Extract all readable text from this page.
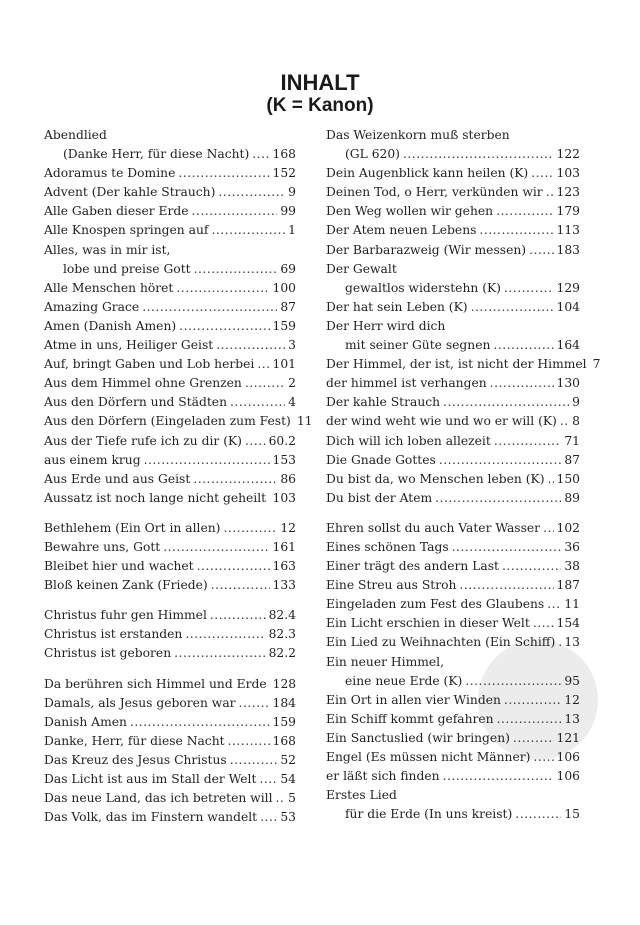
INHALT
(K = Kanon)
Abendlied
(Danke Herr, für diese Nacht) ..... 168
Adoramus te Domine .....	152
Advent (Der kahle Strauch) .....	9
Alle Gaben dieser Erde .....	99
Alle Knospen springen auf .....	1
Alles, was in mir ist,
lobe und preise Gott .....	69
Alle Menschen höret .....	100
Amazing Grace .....	87
Amen (Danish Amen) .....	159
Atme in uns, Heiliger Geist .....	3
Auf, bringt Gaben und Lob herbei ..... 101
Aus dem Himmel ohne Grenzen .....	2
Aus den Dörfern und Städten .....	4
Aus den Dörfern (Eingeladen zum Fest) 11
Aus der Tiefe rufe ich zu dir (K) ..... 60.2
aus einem krug .....	153
Aus Erde und aus Geist .....	86
Aussatz ist noch lange nicht geheilt ..... 103
Bethlehem (Ein Ort in allen) .....	12
Bewahre uns, Gott .....	161
Bleibet hier und wachet .....	163
Bloß keinen Zank (Friede) .....	133
Christus fuhr gen Himmel .....	82.4
Christus ist erstanden .....	82.3
Christus ist geboren .....	82.2
Da berühren sich Himmel und Erde 128
Damals, als Jesus geboren war .....	184
Danish Amen .....	159
Danke, Herr, für diese Nacht .....	168
Das Kreuz des Jesus Christus .....	52
Das Licht ist aus im Stall der Welt ..... 54
Das neue Land, das ich betreten will ..... 5
Das Volk, das im Finstern wandelt ..... 53
Das Weizenkorn muß sterben
(GL 620) .....	122
Dein Augenblick kann heilen (K) ..... 103
Deinen Tod, o Herr, verkünden wir ..... 123
Den Weg wollen wir gehen .....	179
Der Atem neuen Lebens .....	113
Der Barbarazweig (Wir messen) ..... 183
Der Gewalt
gewaltlos widerstehn (K) .....	129
Der hat sein Leben (K) .....	104
Der Herr wird dich
mit seiner Güte segnen .....	164
Der Himmel, der ist, ist nicht der Himmel 7
der himmel ist verhangen .....	130
Der kahle Strauch .....	9
der wind weht wie und wo er will (K) ..... 8
Dich will ich loben allezeit .....	71
Die Gnade Gottes .....	87
Du bist da, wo Menschen leben (K) ..... 150
Du bist der Atem .....	89
Ehren sollst du auch Vater Wasser ..... 102
Eines schönen Tags .....	36
Einer trägt des andern Last .....	38
Eine Streu aus Stroh .....	187
Eingeladen zum Fest des Glaubens ..... 11
Ein Licht erschien in dieser Welt ..... 154
Ein Lied zu Weihnachten (Ein Schiff) ..... 13
Ein neuer Himmel,
eine neue Erde (K) .....	95
Ein Ort in allen vier Winden .....	12
Ein Schiff kommt gefahren .....	13
Ein Sanctuslied (wir bringen) .....	121
Engel (Es müssen nicht Männer) ..... 106
er läßt sich finden .....	106
Erstes Lied
für die Erde (In uns kreist) .....	15
